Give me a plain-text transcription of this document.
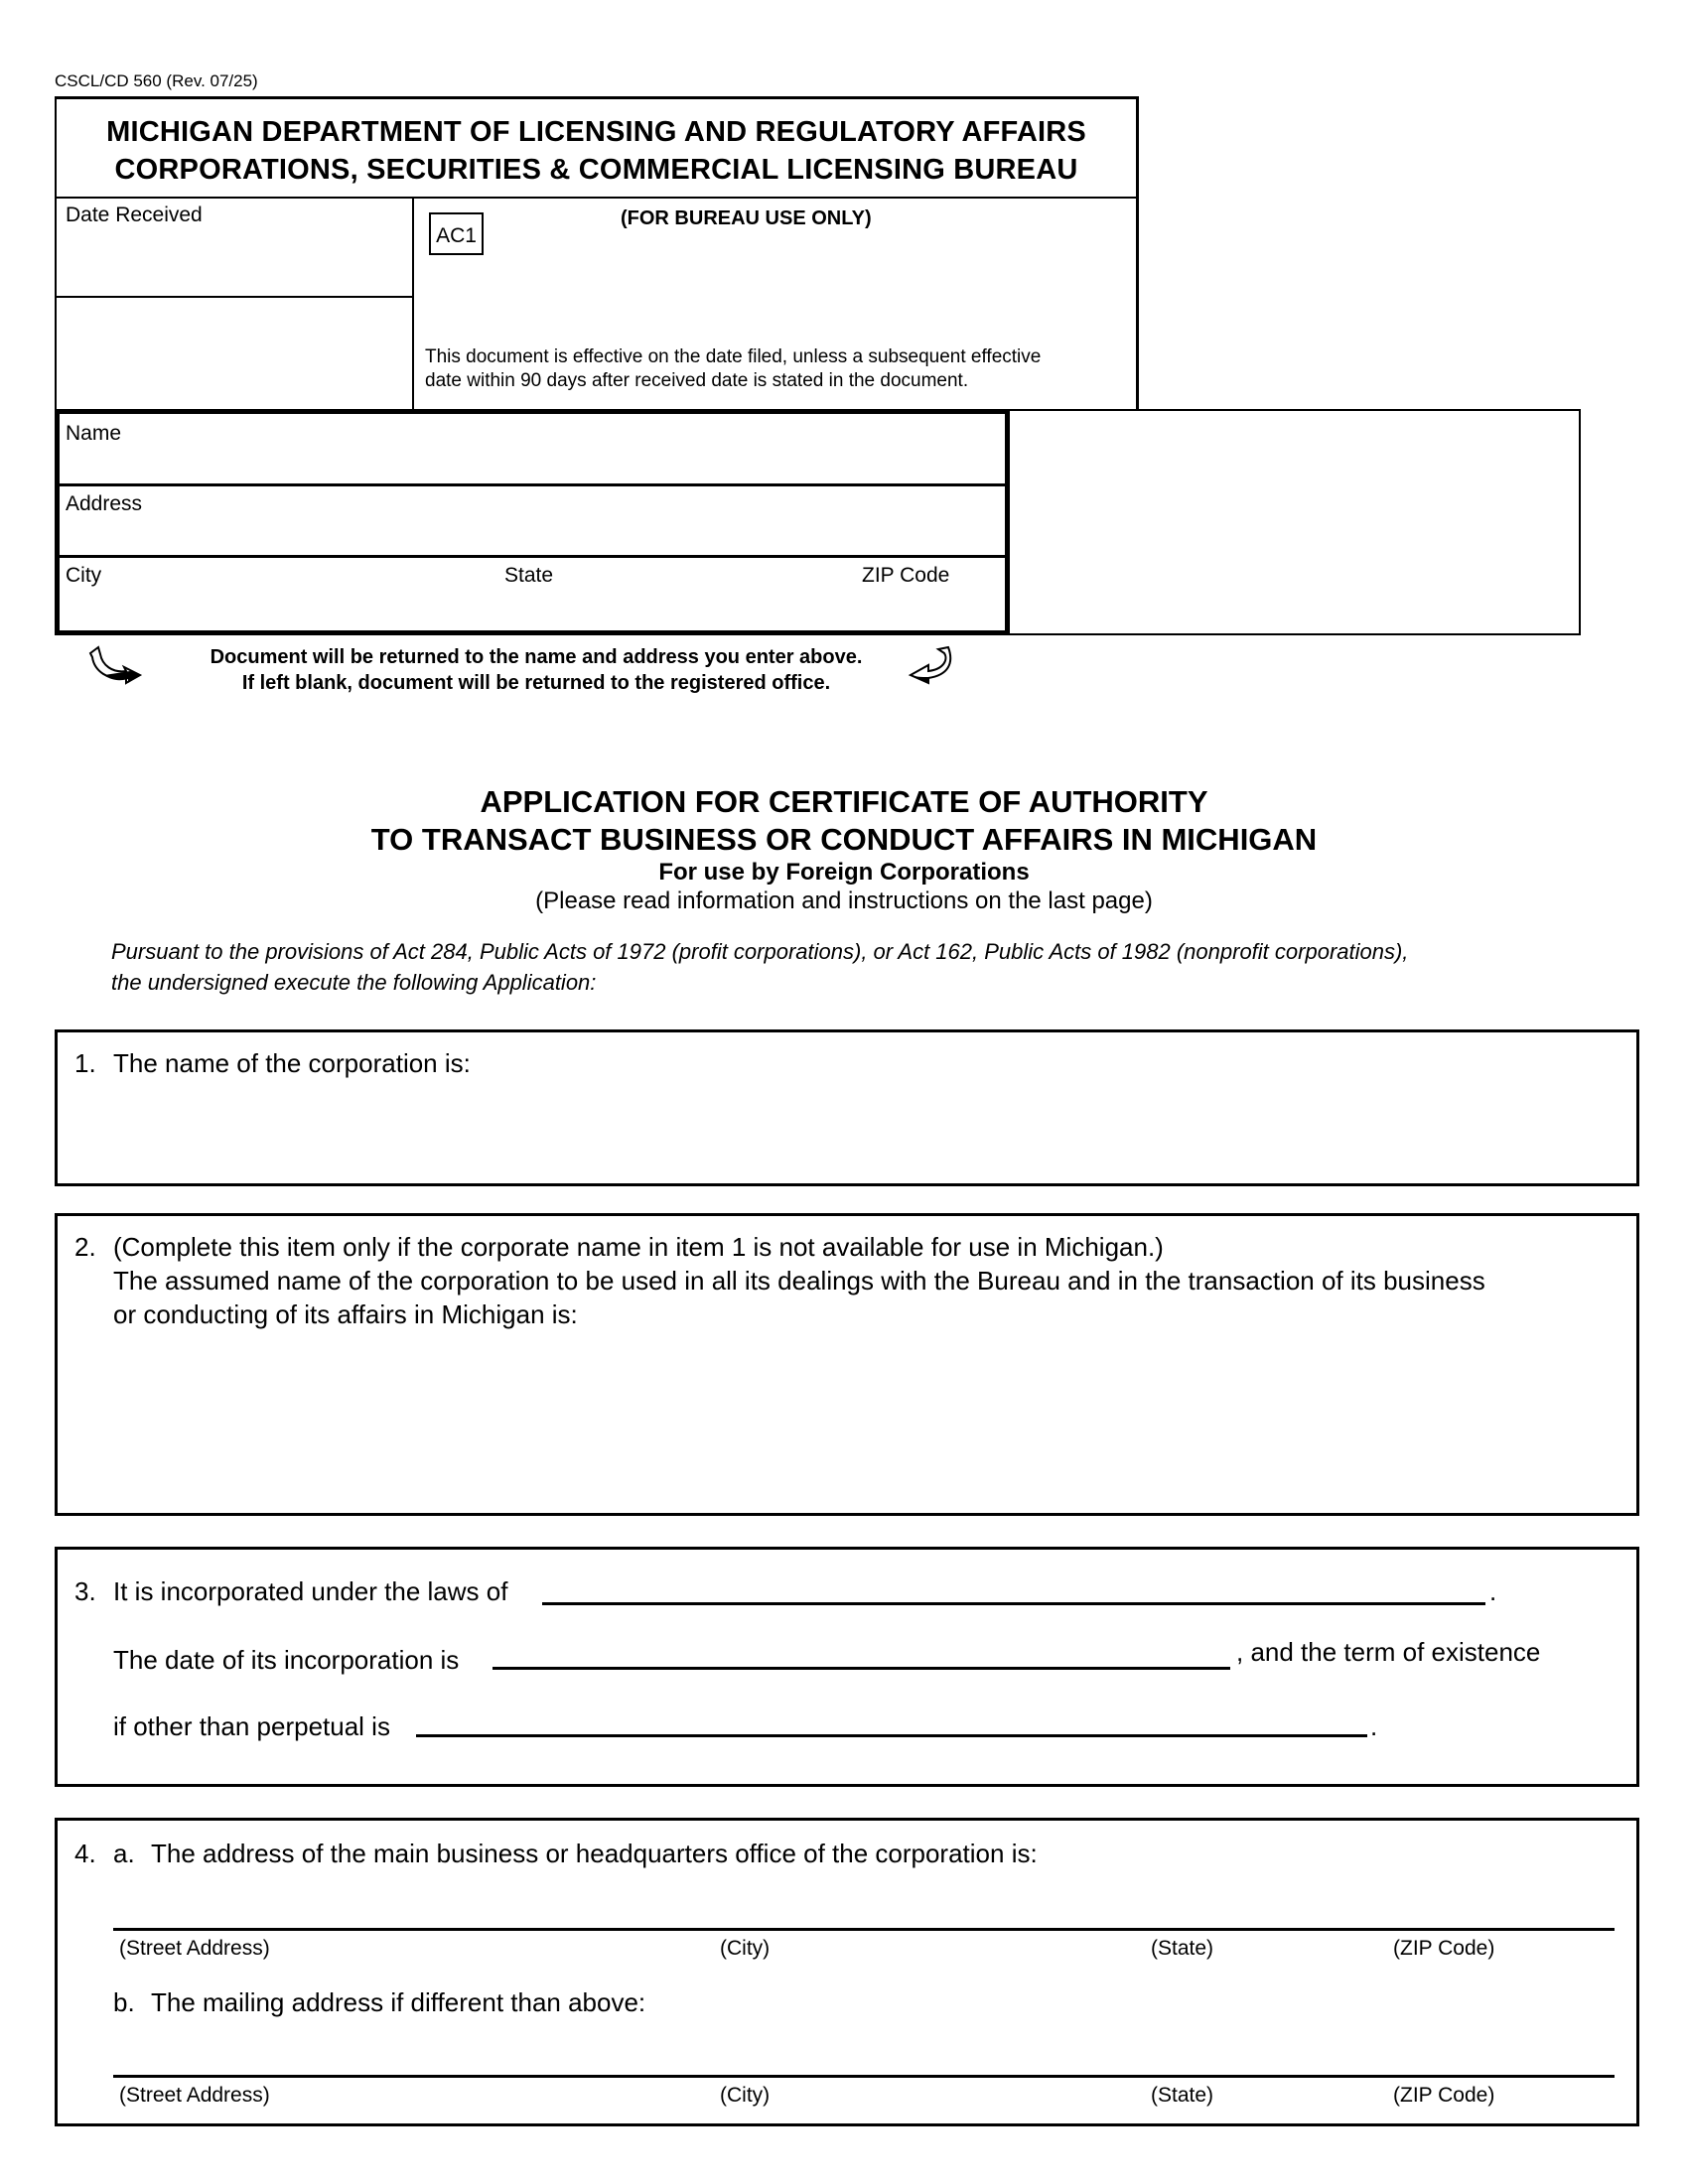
CSCL/CD 560 (Rev. 07/25)
MICHIGAN DEPARTMENT OF LICENSING AND REGULATORY AFFAIRS
CORPORATIONS, SECURITIES & COMMERCIAL LICENSING BUREAU
Date Received
AC1
(FOR BUREAU USE ONLY)
This document is effective on the date filed, unless a subsequent effective
date within 90 days after received date is stated in the document.
Name
Address
City	State	ZIP Code
Document will be returned to the name and address you enter above.
If left blank, document will be returned to the registered office.
APPLICATION FOR CERTIFICATE OF AUTHORITY
TO TRANSACT BUSINESS OR CONDUCT AFFAIRS IN MICHIGAN
For use by Foreign Corporations
(Please read information and instructions on the last page)
Pursuant to the provisions of Act 284, Public Acts of 1972 (profit corporations), or Act 162, Public Acts of 1982 (nonprofit corporations),
the undersigned execute the following Application:
1. The name of the corporation is:
2. (Complete this item only if the corporate name in item 1 is not available for use in Michigan.)
The assumed name of the corporation to be used in all its dealings with the Bureau and in the transaction of its business
or conducting of its affairs in Michigan is:
3. It is incorporated under the laws of	.
The date of its incorporation is	, and the term of existence
if other than perpetual is	.
4. a. The address of the main business or headquarters office of the corporation is:
(Street Address)	(City)	(State)	(ZIP Code)
b. The mailing address if different than above:
(Street Address)	(City)	(State)	(ZIP Code)
